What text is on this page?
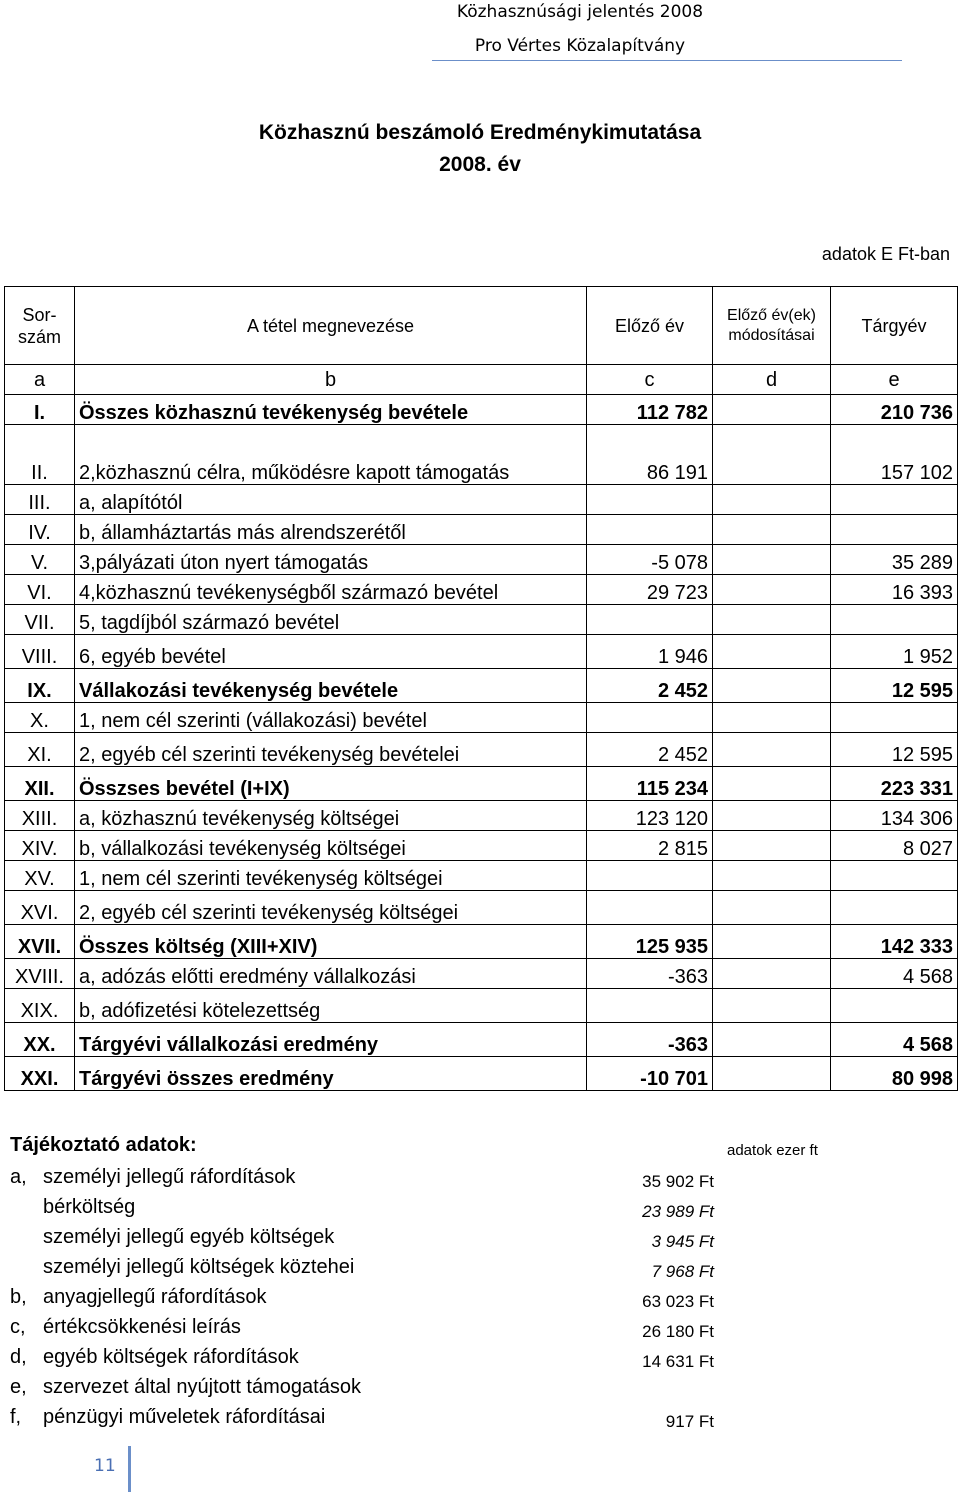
Közhasznúsági jelentés 2008
Pro Vértes Közalapítvány
Közhasznú beszámoló Eredménykimutatása
2008. év
adatok E Ft-ban
Sor-szám	A tétel megnevezése	Előző év	Előző év(ek) módosításai	Tárgyév
a	b	c	d	e
I.	Összes közhasznú tevékenység bevétele	112 782		210 736
II.	2,közhasznú célra, működésre kapott támogatás	86 191		157 102
III.	a, alapítótól			
IV.	b, államháztartás más alrendszerétől			
V.	3,pályázati úton nyert támogatás	-5 078		35 289
VI.	4,közhasznú tevékenységből származó bevétel	29 723		16 393
VII.	5, tagdíjból származó bevétel			
VIII.	6, egyéb bevétel	1 946		1 952
IX.	Vállakozási tevékenység bevétele	2 452		12 595
X.	1, nem cél szerinti (vállakozási) bevétel			
XI.	2, egyéb cél szerinti tevékenység bevételei	2 452		12 595
XII.	Összses bevétel (I+IX)	115 234		223 331
XIII.	a, közhasznú tevékenység költségei	123 120		134 306
XIV.	b, vállalkozási tevékenység költségei	2 815		8 027
XV.	1, nem cél szerinti tevékenység költségei			
XVI.	2, egyéb cél szerinti tevékenység költségei			
XVII.	Összes költség (XIII+XIV)	125 935		142 333
XVIII.	a, adózás előtti eredmény vállalkozási	-363		4 568
XIX.	b, adófizetési kötelezettség			
XX.	Tárgyévi vállalkozási eredmény	-363		4 568
XXI.	Tárgyévi összes eredmény	-10 701		80 998
Tájékoztató adatok:	adatok ezer ft
a, személyi jellegű ráfordítások	35 902 Ft
bérköltség	23 989 Ft
személyi jellegű egyéb költségek	3 945 Ft
személyi jellegű költségek köztehei	7 968 Ft
b, anyagjellegű ráfordítások	63 023 Ft
c, értékcsökkenési leírás	26 180 Ft
d, egyéb költségek ráfordítások	14 631 Ft
e, szervezet által nyújtott támogatások
f, pénzügyi műveletek ráfordításai	917 Ft
11
